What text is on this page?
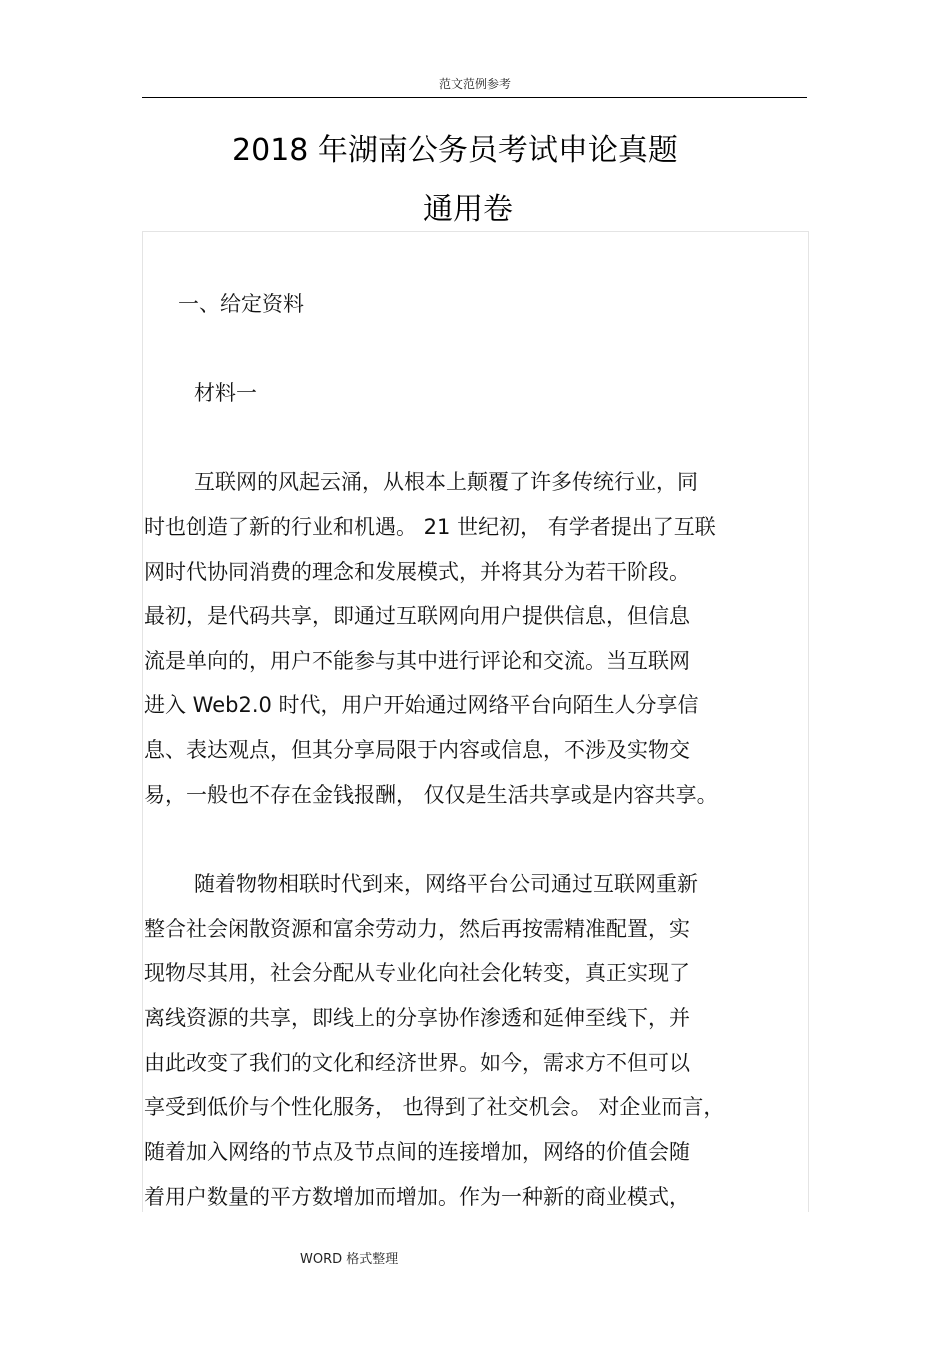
范文范例参考
2018 年湖南公务员考试申论真题
通用卷
一、给定资料
材料一
互联网的风起云涌，从根本上颠覆了许多传统行业，同
时也创造了新的行业和机遇。 21 世纪初， 有学者提出了互联
网时代协同消费的理念和发展模式，并将其分为若干阶段。
最初，是代码共享，即通过互联网向用户提供信息，但信息
流是单向的，用户不能参与其中进行评论和交流。当互联网
进入 Web2.0 时代，用户开始通过网络平台向陌生人分享信
息、表达观点，但其分享局限于内容或信息，不涉及实物交
易，一般也不存在金钱报酬， 仅仅是生活共享或是内容共享。
随着物物相联时代到来，网络平台公司通过互联网重新
整合社会闲散资源和富余劳动力，然后再按需精准配置，实
现物尽其用，社会分配从专业化向社会化转变，真正实现了
离线资源的共享，即线上的分享协作渗透和延伸至线下，并
由此改变了我们的文化和经济世界。如今，需求方不但可以
享受到低价与个性化服务， 也得到了社交机会。 对企业而言，
随着加入网络的节点及节点间的连接增加，网络的价值会随
着用户数量的平方数增加而增加。作为一种新的商业模式，
WORD 格式整理
